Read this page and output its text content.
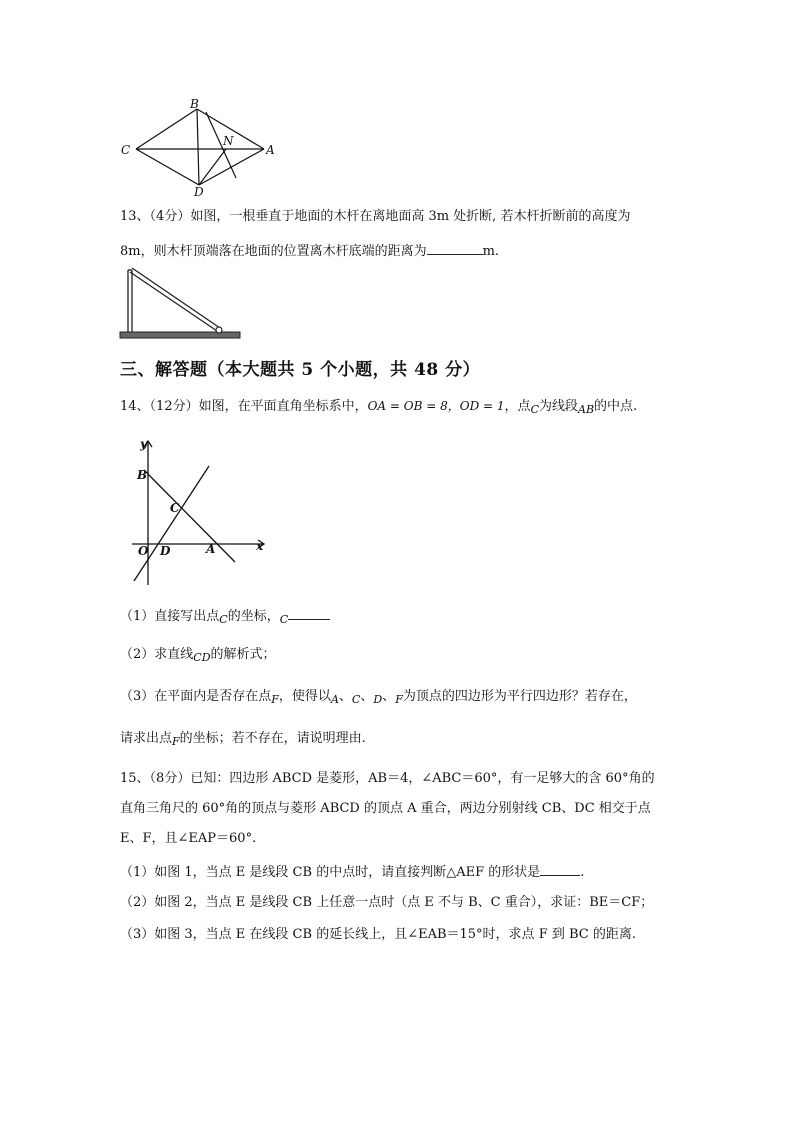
B
C
N
A
D
13、（4分）如图，一根垂直于地面的木杆在离地面高 3m 处折断, 若木杆折断前的高度为
8m，则木杆顶端落在地面的位置离木杆底端的距离为	m.
三、解答题（本大题共 5 个小题，共 48 分）
14、（12分）如图，在平面直角坐标系中，OA = OB = 8，OD = 1，点$_C$为线段$_{AB}$的中点.
y
B
C
O D	A	x
（1）直接写出点$_C$的坐标，$_C$
（2）求直线$_{CD}$的解析式；
（3）在平面内是否存在点$_F$，使得以$_A$、$_C$、$_D$、$_F$为顶点的四边形为平行四边形？若存在，
请求出点$_F$的坐标；若不存在，请说明理由.
15、（8分）已知：四边形 ABCD 是菱形，AB＝4，∠ABC＝60°，有一足够大的含 60°角的
直角三角尺的 60°角的顶点与菱形 ABCD 的顶点 A 重合，两边分别射线 CB、DC 相交于点
E、F，且∠EAP＝60°.
（1）如图 1，当点 E 是线段 CB 的中点时，请直接判断△AEF 的形状是	.
（2）如图 2，当点 E 是线段 CB 上任意一点时（点 E 不与 B、C 重合），求证：BE＝CF；
（3）如图 3，当点 E 在线段 CB 的延长线上，且∠EAB＝15°时，求点 F 到 BC 的距离.
